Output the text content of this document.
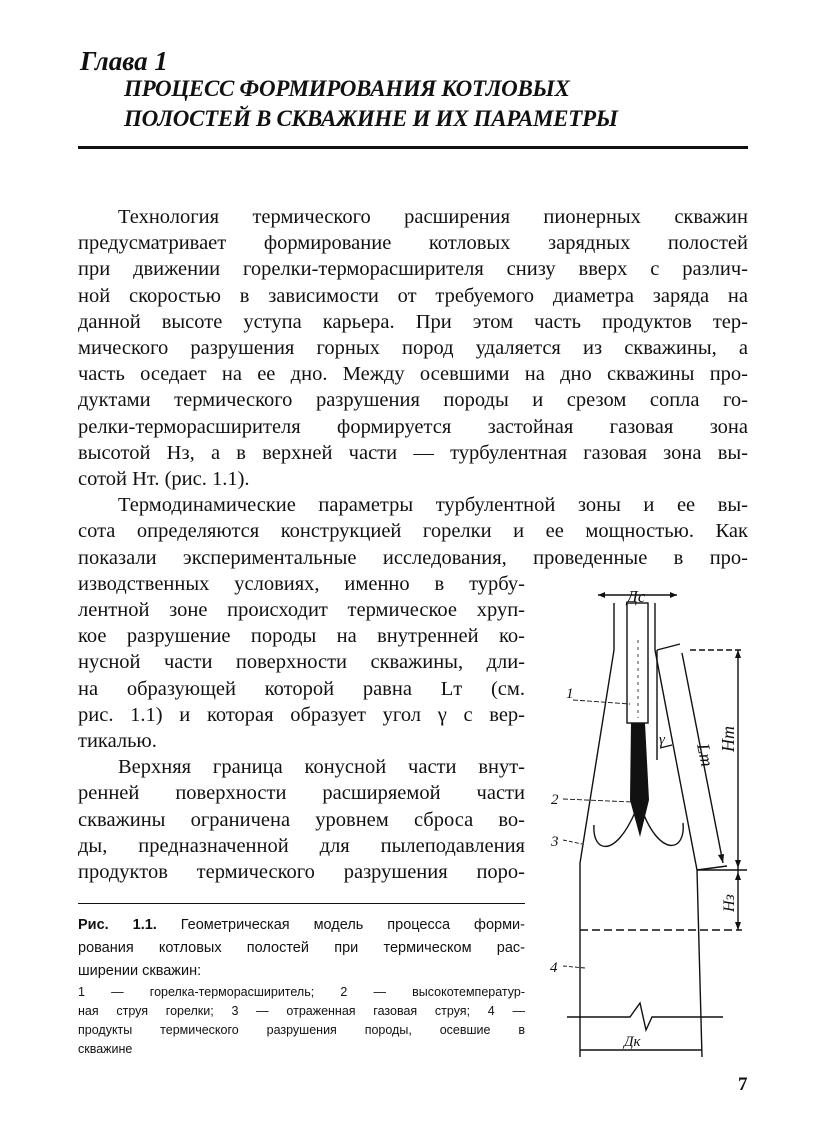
Глава 1
ПРОЦЕСС ФОРМИРОВАНИЯ КОТЛОВЫХ
ПОЛОСТЕЙ В СКВАЖИНЕ И ИХ ПАРАМЕТРЫ
Технология термического расширения пионерных скважин
предусматривает формирование котловых зарядных полостей
при движении горелки-терморасширителя снизу вверх с различ-
ной скоростью в зависимости от требуемого диаметра заряда на
данной высоте уступа карьера. При этом часть продуктов тер-
мического разрушения горных пород удаляется из скважины, а
часть оседает на ее дно. Между осевшими на дно скважины про-
дуктами термического разрушения породы и срезом сопла го-
релки-терморасширителя формируется застойная газовая зона
высотой Hз, а в верхней части — турбулентная газовая зона вы-
сотой Hт. (рис. 1.1).
Термодинамические параметры турбулентной зоны и ее вы-
сота определяются конструкцией горелки и ее мощностью. Как
показали экспериментальные исследования, проведенные в про-
изводственных условиях, именно в турбу-
лентной зоне происходит термическое хруп-
кое разрушение породы на внутренней ко-
нусной части поверхности скважины, дли-
на образующей которой равна Lт (см.
рис. 1.1) и которая образует угол γ с вер-
тикалью.
Верхняя граница конусной части внут-
ренней поверхности расширяемой части
скважины ограничена уровнем сброса во-
ды, предназначенной для пылеподавления
продуктов термического разрушения поро-
Дс
Дк
Lт
Hт
Hз
γ
1
2
3
4
Рис. 1.1. Геометрическая модель процесса форми-
рования котловых полостей при термическом рас-
ширении скважин:
1 — горелка-терморасширитель; 2 — высокотемператур-
ная струя горелки; 3 — отраженная газовая струя; 4 —
продукты термического разрушения породы, осевшие в
скважине
7
